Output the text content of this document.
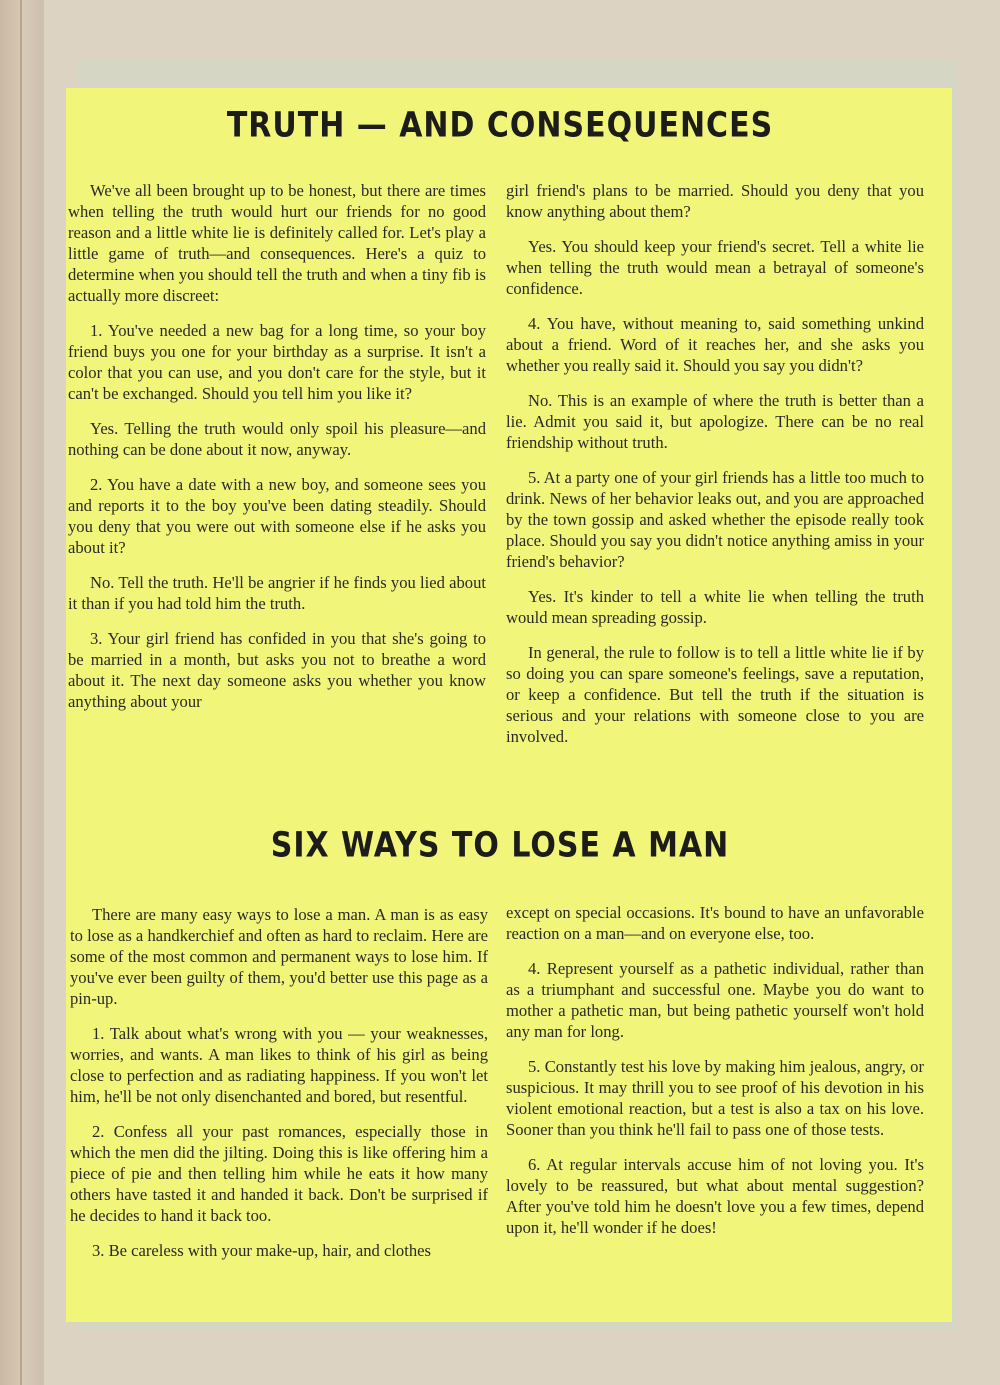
TRUTH — AND CONSEQUENCES

We've all been brought up to be honest, but there are times when telling the truth would hurt our friends for no good reason and a little white lie is definitely called for. Let's play a little game of truth—and consequences. Here's a quiz to determine when you should tell the truth and when a tiny fib is actually more discreet:

1. You've needed a new bag for a long time, so your boy friend buys you one for your birthday as a surprise. It isn't a color that you can use, and you don't care for the style, but it can't be exchanged. Should you tell him you like it?

Yes. Telling the truth would only spoil his pleasure—and nothing can be done about it now, anyway.

2. You have a date with a new boy, and someone sees you and reports it to the boy you've been dating steadily. Should you deny that you were out with someone else if he asks you about it?

No. Tell the truth. He'll be angrier if he finds you lied about it than if you had told him the truth.

3. Your girl friend has confided in you that she's going to be married in a month, but asks you not to breathe a word about it. The next day someone asks you whether you know anything about your

girl friend's plans to be married. Should you deny that you know anything about them?

Yes. You should keep your friend's secret. Tell a white lie when telling the truth would mean a betrayal of someone's confidence.

4. You have, without meaning to, said something unkind about a friend. Word of it reaches her, and she asks you whether you really said it. Should you say you didn't?

No. This is an example of where the truth is better than a lie. Admit you said it, but apologize. There can be no real friendship without truth.

5. At a party one of your girl friends has a little too much to drink. News of her behavior leaks out, and you are approached by the town gossip and asked whether the episode really took place. Should you say you didn't notice anything amiss in your friend's behavior?

Yes. It's kinder to tell a white lie when telling the truth would mean spreading gossip.

In general, the rule to follow is to tell a little white lie if by so doing you can spare someone's feelings, save a reputation, or keep a confidence. But tell the truth if the situation is serious and your relations with someone close to you are involved.

SIX WAYS TO LOSE A MAN

There are many easy ways to lose a man. A man is as easy to lose as a handkerchief and often as hard to reclaim. Here are some of the most common and permanent ways to lose him. If you've ever been guilty of them, you'd better use this page as a pin-up.

1. Talk about what's wrong with you — your weaknesses, worries, and wants. A man likes to think of his girl as being close to perfection and as radiating happiness. If you won't let him, he'll be not only disenchanted and bored, but resentful.

2. Confess all your past romances, especially those in which the men did the jilting. Doing this is like offering him a piece of pie and then telling him while he eats it how many others have tasted it and handed it back. Don't be surprised if he decides to hand it back too.

3. Be careless with your make-up, hair, and clothes

except on special occasions. It's bound to have an unfavorable reaction on a man—and on everyone else, too.

4. Represent yourself as a pathetic individual, rather than as a triumphant and successful one. Maybe you do want to mother a pathetic man, but being pathetic yourself won't hold any man for long.

5. Constantly test his love by making him jealous, angry, or suspicious. It may thrill you to see proof of his devotion in his violent emotional reaction, but a test is also a tax on his love. Sooner than you think he'll fail to pass one of those tests.

6. At regular intervals accuse him of not loving you. It's lovely to be reassured, but what about mental suggestion? After you've told him he doesn't love you a few times, depend upon it, he'll wonder if he does!
